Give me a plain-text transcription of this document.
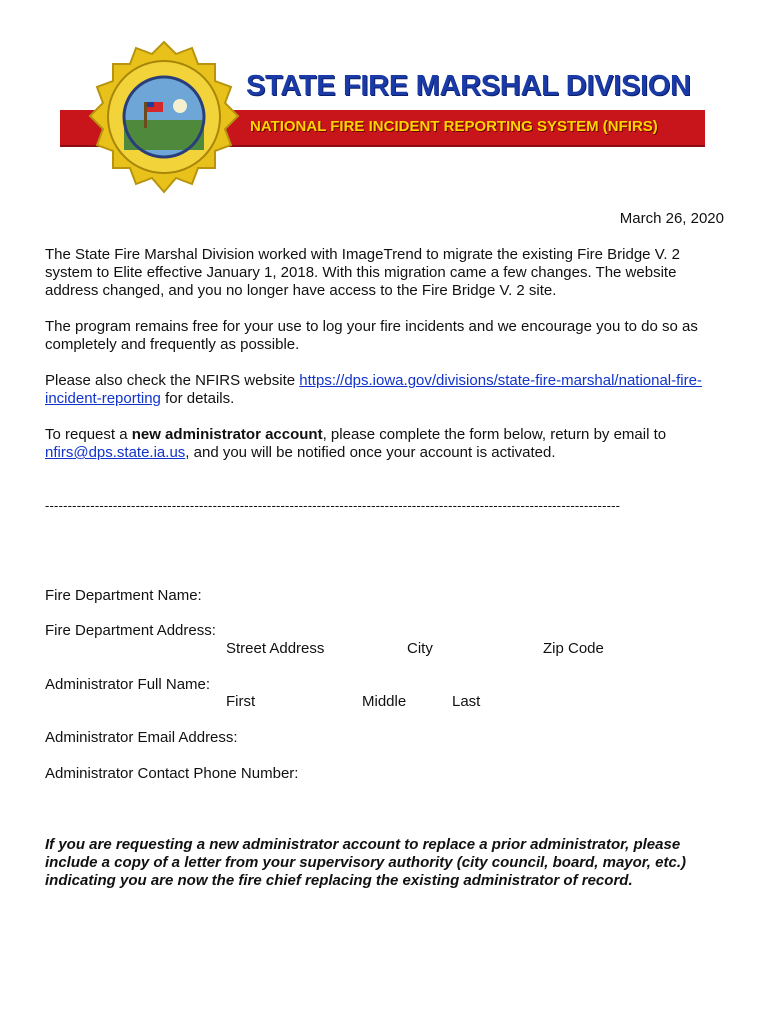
STATE FIRE MARSHAL DIVISION
NATIONAL FIRE INCIDENT REPORTING SYSTEM (NFIRS)
March 26, 2020
The State Fire Marshal Division worked with ImageTrend to migrate the existing Fire Bridge V. 2 system to Elite effective January 1, 2018. With this migration came a few changes. The website address changed, and you no longer have access to the Fire Bridge V. 2 site.
The program remains free for your use to log your fire incidents and we encourage you to do so as completely and frequently as possible.
Please also check the NFIRS website https://dps.iowa.gov/divisions/state-fire-marshal/national-fire-incident-reporting for details.
To request a new administrator account, please complete the form below, return by email to nfirs@dps.state.ia.us, and you will be notified once your account is activated.
-------------------------------------------------------------------------------------------------------------------------------
Fire Department Name:
Fire Department Address:
Street Address	City	Zip Code
Administrator Full Name:
First	Middle	Last
Administrator Email Address:
Administrator Contact Phone Number:
If you are requesting a new administrator account to replace a prior administrator, please include a copy of a letter from your supervisory authority (city council, board, mayor, etc.) indicating you are now the fire chief replacing the existing administrator of record.
